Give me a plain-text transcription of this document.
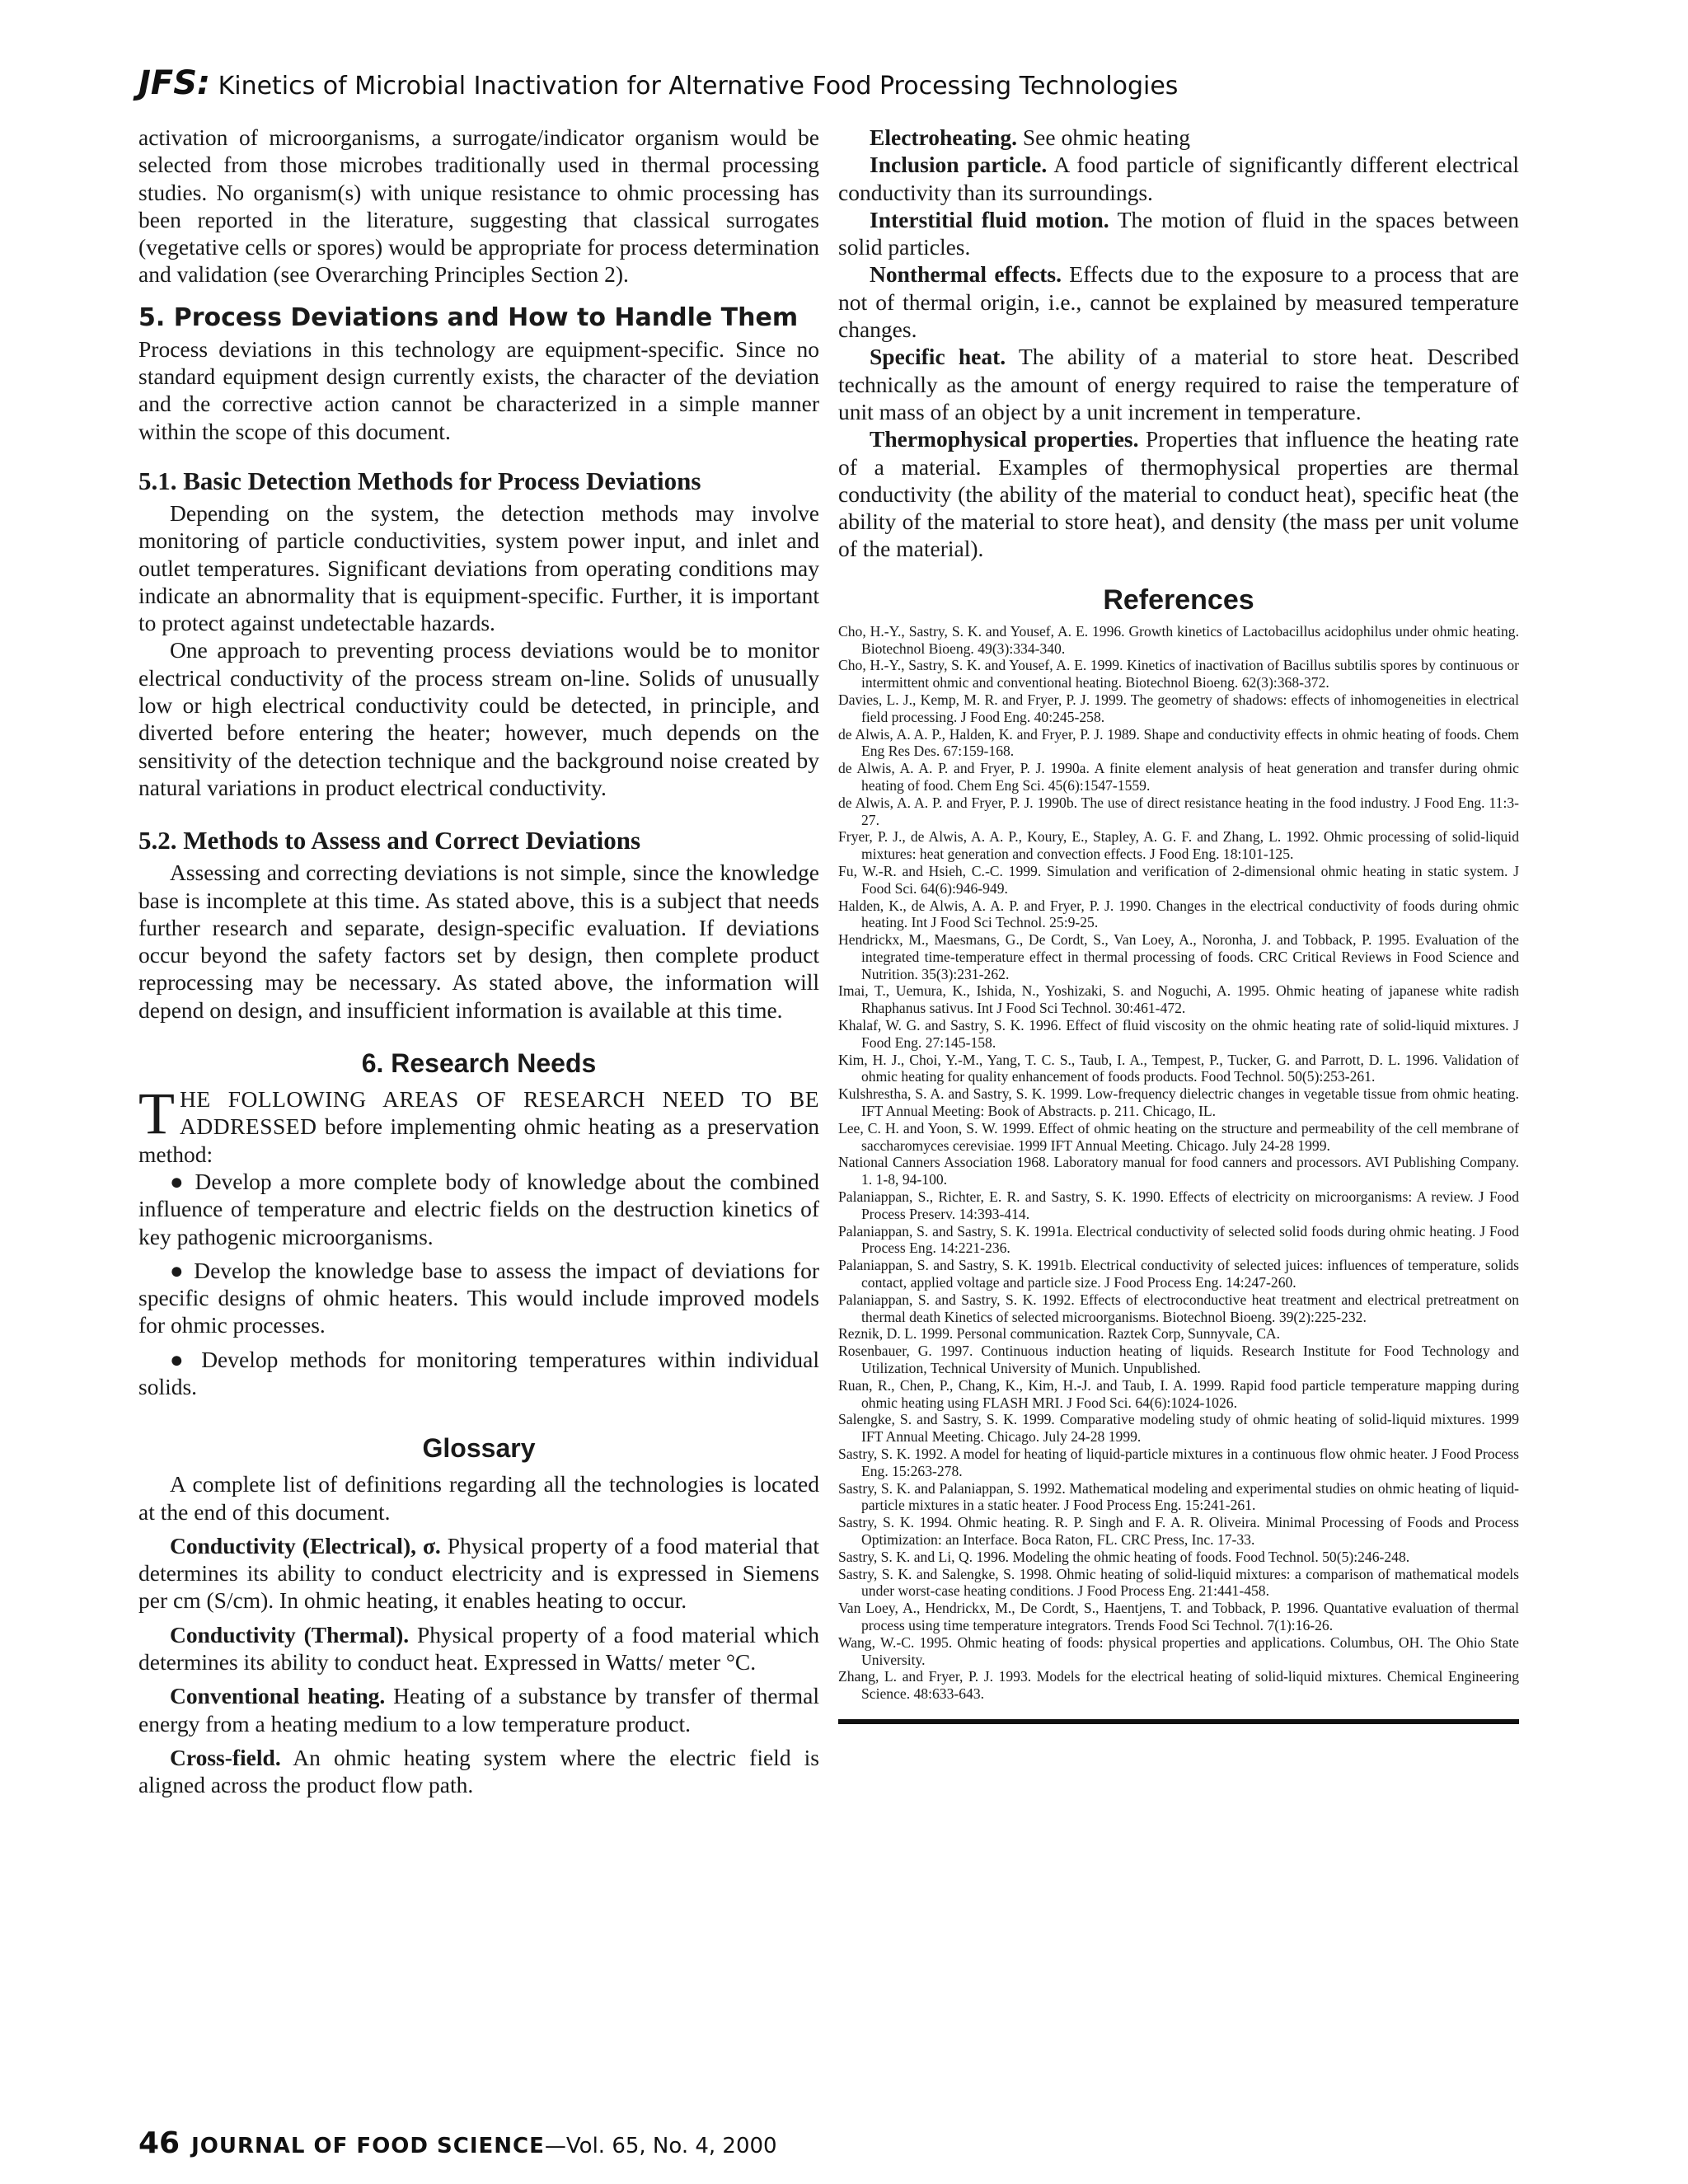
JFS: Kinetics of Microbial Inactivation for Alternative Food Processing Technologies

activation of microorganisms, a surrogate/indicator organism would be selected from those microbes traditionally used in thermal processing studies. No organism(s) with unique resistance to ohmic processing has been reported in the literature, suggesting that classical surrogates (vegetative cells or spores) would be appropriate for process determination and validation (see Overarching Principles Section 2).

5. Process Deviations and How to Handle Them

Process deviations in this technology are equipment-specific. Since no standard equipment design currently exists, the character of the deviation and the corrective action cannot be characterized in a simple manner within the scope of this document.

5.1. Basic Detection Methods for Process Deviations

Depending on the system, the detection methods may involve monitoring of particle conductivities, system power input, and inlet and outlet temperatures. Significant deviations from operating conditions may indicate an abnormality that is equipment-specific. Further, it is important to protect against undetectable hazards.

One approach to preventing process deviations would be to monitor electrical conductivity of the process stream on-line. Solids of unusually low or high electrical conductivity could be detected, in principle, and diverted before entering the heater; however, much depends on the sensitivity of the detection technique and the background noise created by natural variations in product electrical conductivity.

5.2. Methods to Assess and Correct Deviations

Assessing and correcting deviations is not simple, since the knowledge base is incomplete at this time. As stated above, this is a subject that needs further research and separate, design-specific evaluation. If deviations occur beyond the safety factors set by design, then complete product reprocessing may be necessary. As stated above, the information will depend on design, and insufficient information is available at this time.

6. Research Needs

T HE FOLLOWING AREAS OF RESEARCH NEED TO BE ADDRESSED before implementing ohmic heating as a preservation method:

● Develop a more complete body of knowledge about the combined influence of temperature and electric fields on the destruction kinetics of key pathogenic microorganisms.

● Develop the knowledge base to assess the impact of deviations for specific designs of ohmic heaters. This would include improved models for ohmic processes.

● Develop methods for monitoring temperatures within individual solids.

Glossary

A complete list of definitions regarding all the technologies is located at the end of this document.

Conductivity (Electrical), σ. Physical property of a food material that determines its ability to conduct electricity and is expressed in Siemens per cm (S/cm). In ohmic heating, it enables heating to occur.

Conductivity (Thermal). Physical property of a food material which determines its ability to conduct heat. Expressed in Watts/ meter °C.

Conventional heating. Heating of a substance by transfer of thermal energy from a heating medium to a low temperature product.

Cross-field. An ohmic heating system where the electric field is aligned across the product flow path.

Electroheating. See ohmic heating

Inclusion particle. A food particle of significantly different electrical conductivity than its surroundings.

Interstitial fluid motion. The motion of fluid in the spaces between solid particles.

Nonthermal effects. Effects due to the exposure to a process that are not of thermal origin, i.e., cannot be explained by measured temperature changes.

Specific heat. The ability of a material to store heat. Described technically as the amount of energy required to raise the temperature of unit mass of an object by a unit increment in temperature.

Thermophysical properties. Properties that influence the heating rate of a material. Examples of thermophysical properties are thermal conductivity (the ability of the material to conduct heat), specific heat (the ability of the material to store heat), and density (the mass per unit volume of the material).

References

Cho, H.-Y., Sastry, S. K. and Yousef, A. E. 1996. Growth kinetics of Lactobacillus acidophilus under ohmic heating. Biotechnol Bioeng. 49(3):334-340.

Cho, H.-Y., Sastry, S. K. and Yousef, A. E. 1999. Kinetics of inactivation of Bacillus subtilis spores by continuous or intermittent ohmic and conventional heating. Biotechnol Bioeng. 62(3):368-372.

Davies, L. J., Kemp, M. R. and Fryer, P. J. 1999. The geometry of shadows: effects of inhomogeneities in electrical field processing. J Food Eng. 40:245-258.

de Alwis, A. A. P., Halden, K. and Fryer, P. J. 1989. Shape and conductivity effects in ohmic heating of foods. Chem Eng Res Des. 67:159-168.

de Alwis, A. A. P. and Fryer, P. J. 1990a. A finite element analysis of heat generation and transfer during ohmic heating of food. Chem Eng Sci. 45(6):1547-1559.

de Alwis, A. A. P. and Fryer, P. J. 1990b. The use of direct resistance heating in the food industry. J Food Eng. 11:3-27.

Fryer, P. J., de Alwis, A. A. P., Koury, E., Stapley, A. G. F. and Zhang, L. 1992. Ohmic processing of solid-liquid mixtures: heat generation and convection effects. J Food Eng. 18:101-125.

Fu, W.-R. and Hsieh, C.-C. 1999. Simulation and verification of 2-dimensional ohmic heating in static system. J Food Sci. 64(6):946-949.

Halden, K., de Alwis, A. A. P. and Fryer, P. J. 1990. Changes in the electrical conductivity of foods during ohmic heating. Int J Food Sci Technol. 25:9-25.

Hendrickx, M., Maesmans, G., De Cordt, S., Van Loey, A., Noronha, J. and Tobback, P. 1995. Evaluation of the integrated time-temperature effect in thermal processing of foods. CRC Critical Reviews in Food Science and Nutrition. 35(3):231-262.

Imai, T., Uemura, K., Ishida, N., Yoshizaki, S. and Noguchi, A. 1995. Ohmic heating of japanese white radish Rhaphanus sativus. Int J Food Sci Technol. 30:461-472.

Khalaf, W. G. and Sastry, S. K. 1996. Effect of fluid viscosity on the ohmic heating rate of solid-liquid mixtures. J Food Eng. 27:145-158.

Kim, H. J., Choi, Y.-M., Yang, T. C. S., Taub, I. A., Tempest, P., Tucker, G. and Parrott, D. L. 1996. Validation of ohmic heating for quality enhancement of foods products. Food Technol. 50(5):253-261.

Kulshrestha, S. A. and Sastry, S. K. 1999. Low-frequency dielectric changes in vegetable tissue from ohmic heating. IFT Annual Meeting: Book of Abstracts. p. 211. Chicago, IL.

Lee, C. H. and Yoon, S. W. 1999. Effect of ohmic heating on the structure and permeability of the cell membrane of saccharomyces cerevisiae. 1999 IFT Annual Meeting. Chicago. July 24-28 1999.

National Canners Association 1968. Laboratory manual for food canners and processors. AVI Publishing Company. 1. 1-8, 94-100.

Palaniappan, S., Richter, E. R. and Sastry, S. K. 1990. Effects of electricity on microorganisms: A review. J Food Process Preserv. 14:393-414.

Palaniappan, S. and Sastry, S. K. 1991a. Electrical conductivity of selected solid foods during ohmic heating. J Food Process Eng. 14:221-236.

Palaniappan, S. and Sastry, S. K. 1991b. Electrical conductivity of selected juices: influences of temperature, solids contact, applied voltage and particle size. J Food Process Eng. 14:247-260.

Palaniappan, S. and Sastry, S. K. 1992. Effects of electroconductive heat treatment and electrical pretreatment on thermal death Kinetics of selected microorganisms. Biotechnol Bioeng. 39(2):225-232.

Reznik, D. L. 1999. Personal communication. Raztek Corp, Sunnyvale, CA.

Rosenbauer, G. 1997. Continuous induction heating of liquids. Research Institute for Food Technology and Utilization, Technical University of Munich. Unpublished.

Ruan, R., Chen, P., Chang, K., Kim, H.-J. and Taub, I. A. 1999. Rapid food particle temperature mapping during ohmic heating using FLASH MRI. J Food Sci. 64(6):1024-1026.

Salengke, S. and Sastry, S. K. 1999. Comparative modeling study of ohmic heating of solid-liquid mixtures. 1999 IFT Annual Meeting. Chicago. July 24-28 1999.

Sastry, S. K. 1992. A model for heating of liquid-particle mixtures in a continuous flow ohmic heater. J Food Process Eng. 15:263-278.

Sastry, S. K. and Palaniappan, S. 1992. Mathematical modeling and experimental studies on ohmic heating of liquid-particle mixtures in a static heater. J Food Process Eng. 15:241-261.

Sastry, S. K. 1994. Ohmic heating. R. P. Singh and F. A. R. Oliveira. Minimal Processing of Foods and Process Optimization: an Interface. Boca Raton, FL. CRC Press, Inc. 17-33.

Sastry, S. K. and Li, Q. 1996. Modeling the ohmic heating of foods. Food Technol. 50(5):246-248.

Sastry, S. K. and Salengke, S. 1998. Ohmic heating of solid-liquid mixtures: a comparison of mathematical models under worst-case heating conditions. J Food Process Eng. 21:441-458.

Van Loey, A., Hendrickx, M., De Cordt, S., Haentjens, T. and Tobback, P. 1996. Quantative evaluation of thermal process using time temperature integrators. Trends Food Sci Technol. 7(1):16-26.

Wang, W.-C. 1995. Ohmic heating of foods: physical properties and applications. Columbus, OH. The Ohio State University.

Zhang, L. and Fryer, P. J. 1993. Models for the electrical heating of solid-liquid mixtures. Chemical Engineering Science. 48:633-643.

46 JOURNAL OF FOOD SCIENCE—Vol. 65, No. 4, 2000
